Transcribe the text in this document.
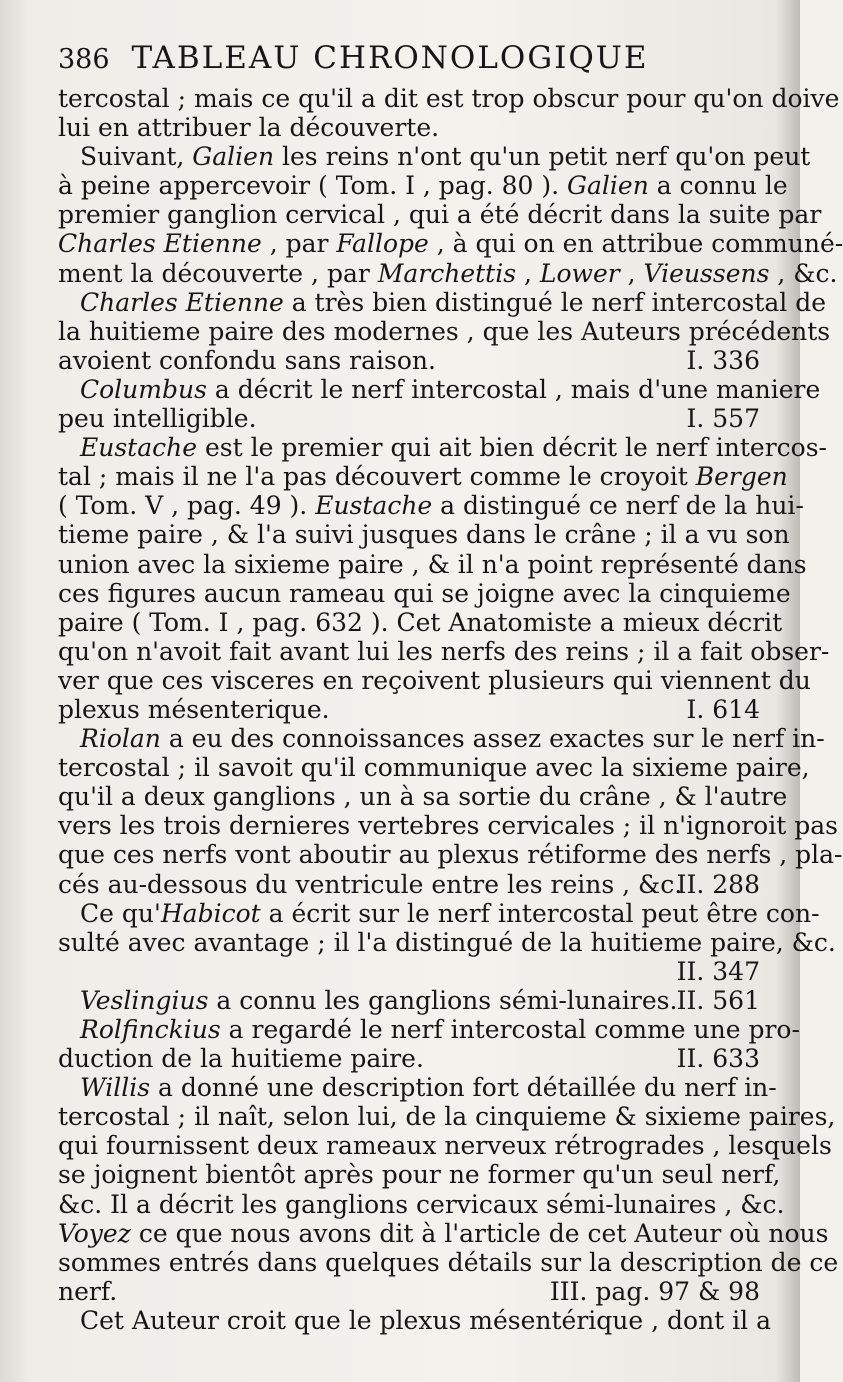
386 TABLEAU CHRONOLOGIQUE
tercostal ; mais ce qu'il a dit est trop obscur pour qu'on doive
lui en attribuer la découverte.
Suivant, Galien les reins n'ont qu'un petit nerf qu'on peut
à peine appercevoir ( Tom. I , pag. 80 ). Galien a connu le
premier ganglion cervical , qui a été décrit dans la suite par
Charles Etienne , par Fallope , à qui on en attribue communé-
ment la découverte , par Marchettis , Lower , Vieussens , &c.
Charles Etienne a très bien distingué le nerf intercostal de
la huitieme paire des modernes , que les Auteurs précédents
I. 336
avoient confondu sans raison.
Columbus a décrit le nerf intercostal , mais d'une maniere
I. 557
peu intelligible.
Eustache est le premier qui ait bien décrit le nerf intercos-
tal ; mais il ne l'a pas découvert comme le croyoit Bergen
( Tom. V , pag. 49 ). Eustache a distingué ce nerf de la hui-
tieme paire , & l'a suivi jusques dans le crâne ; il a vu son
union avec la sixieme paire , & il n'a point représenté dans
ces figures aucun rameau qui se joigne avec la cinquieme
paire ( Tom. I , pag. 632 ). Cet Anatomiste a mieux décrit
qu'on n'avoit fait avant lui les nerfs des reins ; il a fait obser-
ver que ces visceres en reçoivent plusieurs qui viennent du
I. 614
plexus mésenterique.
Riolan a eu des connoissances assez exactes sur le nerf in-
tercostal ; il savoit qu'il communique avec la sixieme paire,
qu'il a deux ganglions , un à sa sortie du crâne , & l'autre
vers les trois dernieres vertebres cervicales ; il n'ignoroit pas
que ces nerfs vont aboutir au plexus rétiforme des nerfs , pla-
II. 288
cés au-dessous du ventricule entre les reins , &c.
Ce qu'Habicot a écrit sur le nerf intercostal peut être con-
sulté avec avantage ; il l'a distingué de la huitieme paire, &c.
II. 347
II. 561
Veslingius a connu les ganglions sémi-lunaires.
Rolfinckius a regardé le nerf intercostal comme une pro-
II. 633
duction de la huitieme paire.
Willis a donné une description fort détaillée du nerf in-
tercostal ; il naît, selon lui, de la cinquieme & sixieme paires,
qui fournissent deux rameaux nerveux rétrogrades , lesquels
se joignent bientôt après pour ne former qu'un seul nerf,
&c. Il a décrit les ganglions cervicaux sémi-lunaires , &c.
Voyez ce que nous avons dit à l'article de cet Auteur où nous
sommes entrés dans quelques détails sur la description de ce
III. pag. 97 & 98
nerf.
Cet Auteur croit que le plexus mésentérique , dont il a
